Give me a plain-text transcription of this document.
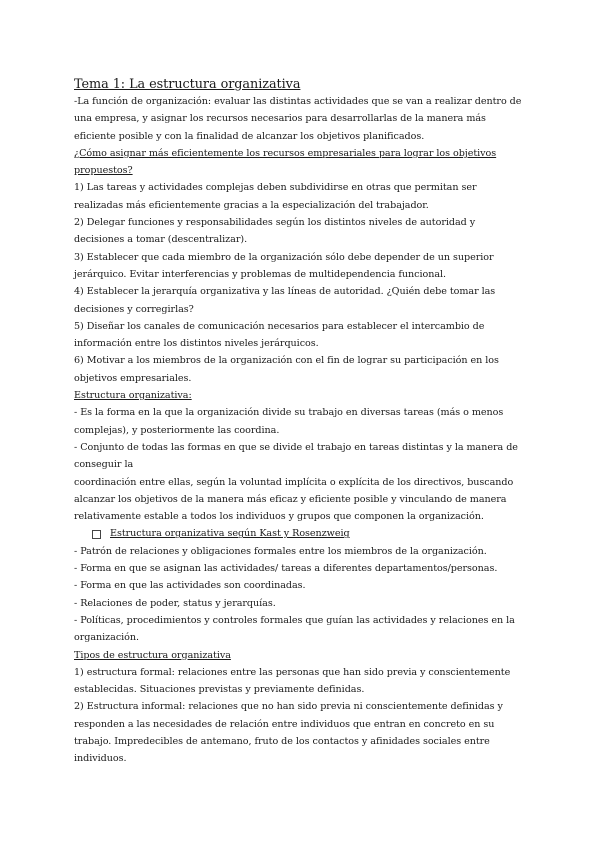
Tema 1: La estructura organizativa

-La función de organización: evaluar las distintas actividades que se van a realizar dentro de una empresa, y asignar los recursos necesarios para desarrollarlas de la manera más eficiente posible y con la finalidad de alcanzar los objetivos planificados.

¿Cómo asignar más eficientemente los recursos empresariales para lograr los objetivos propuestos?

1) Las tareas y actividades complejas deben subdividirse en otras que permitan ser realizadas más eficientemente gracias a la especialización del trabajador.

2) Delegar funciones y responsabilidades según los distintos niveles de autoridad y decisiones a tomar (descentralizar).

3) Establecer que cada miembro de la organización sólo debe depender de un superior jerárquico. Evitar interferencias y problemas de multidependencia funcional.

4) Establecer la jerarquía organizativa y las líneas de autoridad. ¿Quién debe tomar las decisiones y corregirlas?

5) Diseñar los canales de comunicación necesarios para establecer el intercambio de información entre los distintos niveles jerárquicos.

6) Motivar a los miembros de la organización con el fin de lograr su participación en los objetivos empresariales.

Estructura organizativa:

- Es la forma en la que la organización divide su trabajo en diversas tareas (más o menos complejas), y posteriormente las coordina.

- Conjunto de todas las formas en que se divide el trabajo en tareas distintas y la manera de conseguir la

coordinación entre ellas, según la voluntad implícita o explícita de los directivos, buscando alcanzar los objetivos de la manera más eficaz y eficiente posible y vinculando de manera relativamente estable a todos los individuos y grupos que componen la organización.

Estructura organizativa según Kast y Rosenzweig

- Patrón de relaciones y obligaciones formales entre los miembros de la organización.

- Forma en que se asignan las actividades/ tareas a diferentes departamentos/personas.

- Forma en que las actividades son coordinadas.

- Relaciones de poder, status y jerarquías.

- Políticas, procedimientos y controles formales que guían las actividades y relaciones en la organización.

Tipos de estructura organizativa

1) estructura formal: relaciones entre las personas que han sido previa y conscientemente establecidas. Situaciones previstas y previamente definidas.

2) Estructura informal: relaciones que no han sido previa ni conscientemente definidas y responden a las necesidades de relación entre individuos que entran en concreto en su trabajo. Impredecibles de antemano, fruto de los contactos y afinidades sociales entre individuos.
